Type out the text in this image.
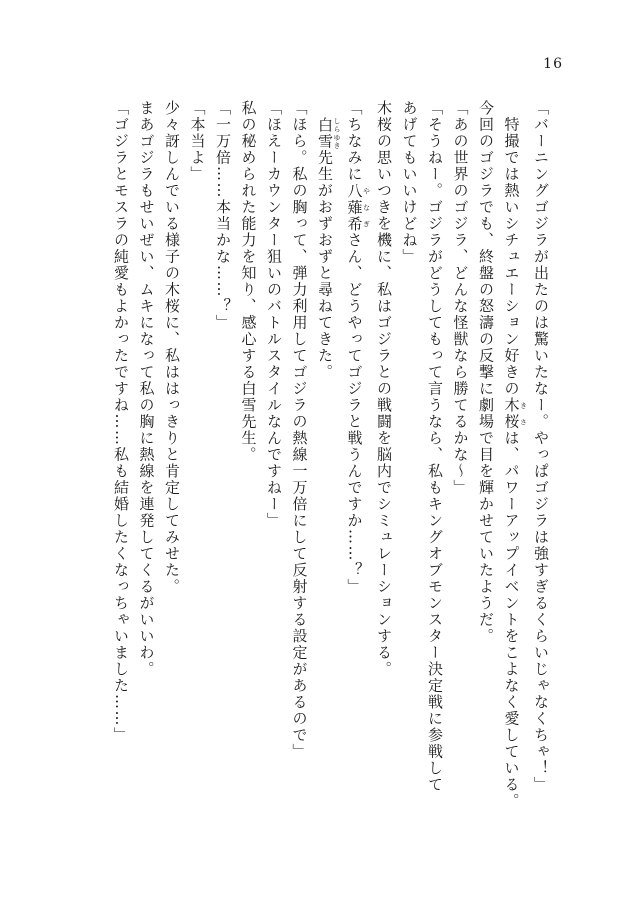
16

「バーニングゴジラが出たのは驚いたなー。やっぱゴジラは強すぎるくらいじゃなくちゃ！」

　特撮では熱いシチュエーション好きの木桜 きさは、パワーアップイベントをこよなく愛している。

今回のゴジラでも、終盤の怒濤の反撃に劇場で目を輝かせていたようだ。

「あの世界のゴジラ、どんな怪獣なら勝てるかな～」

「そうねー。ゴジラがどうしてもって言うなら、私もキングオブモンスター決定戦に参戦して

あげてもいいけどね」

木桜の思いつきを機に、私はゴジラとの戦闘を脳内でシミュレーションする。

「ちなみに八薙希 やなぎさん、どうやってゴジラと戦うんですか……？」

　白雪 しらゆき先生がおずおずと尋ねてきた。

「ほら。私の胸って、弾力利用してゴジラの熱線一万倍にして反射する設定があるので」

「ほえーカウンター狙いのバトルスタイルなんですねー」

私の秘められた能力を知り、感心する白雪先生。

「一万倍……本当かな……？」

「本当よ」

少々訝しんでいる様子の木桜に、私ははっきりと肯定してみせた。

まあゴジラもせいぜい、ムキになって私の胸に熱線を連発してくるがいいわ。

「ゴジラとモスラの純愛もよかったですね……私も結婚したくなっちゃいました……」
